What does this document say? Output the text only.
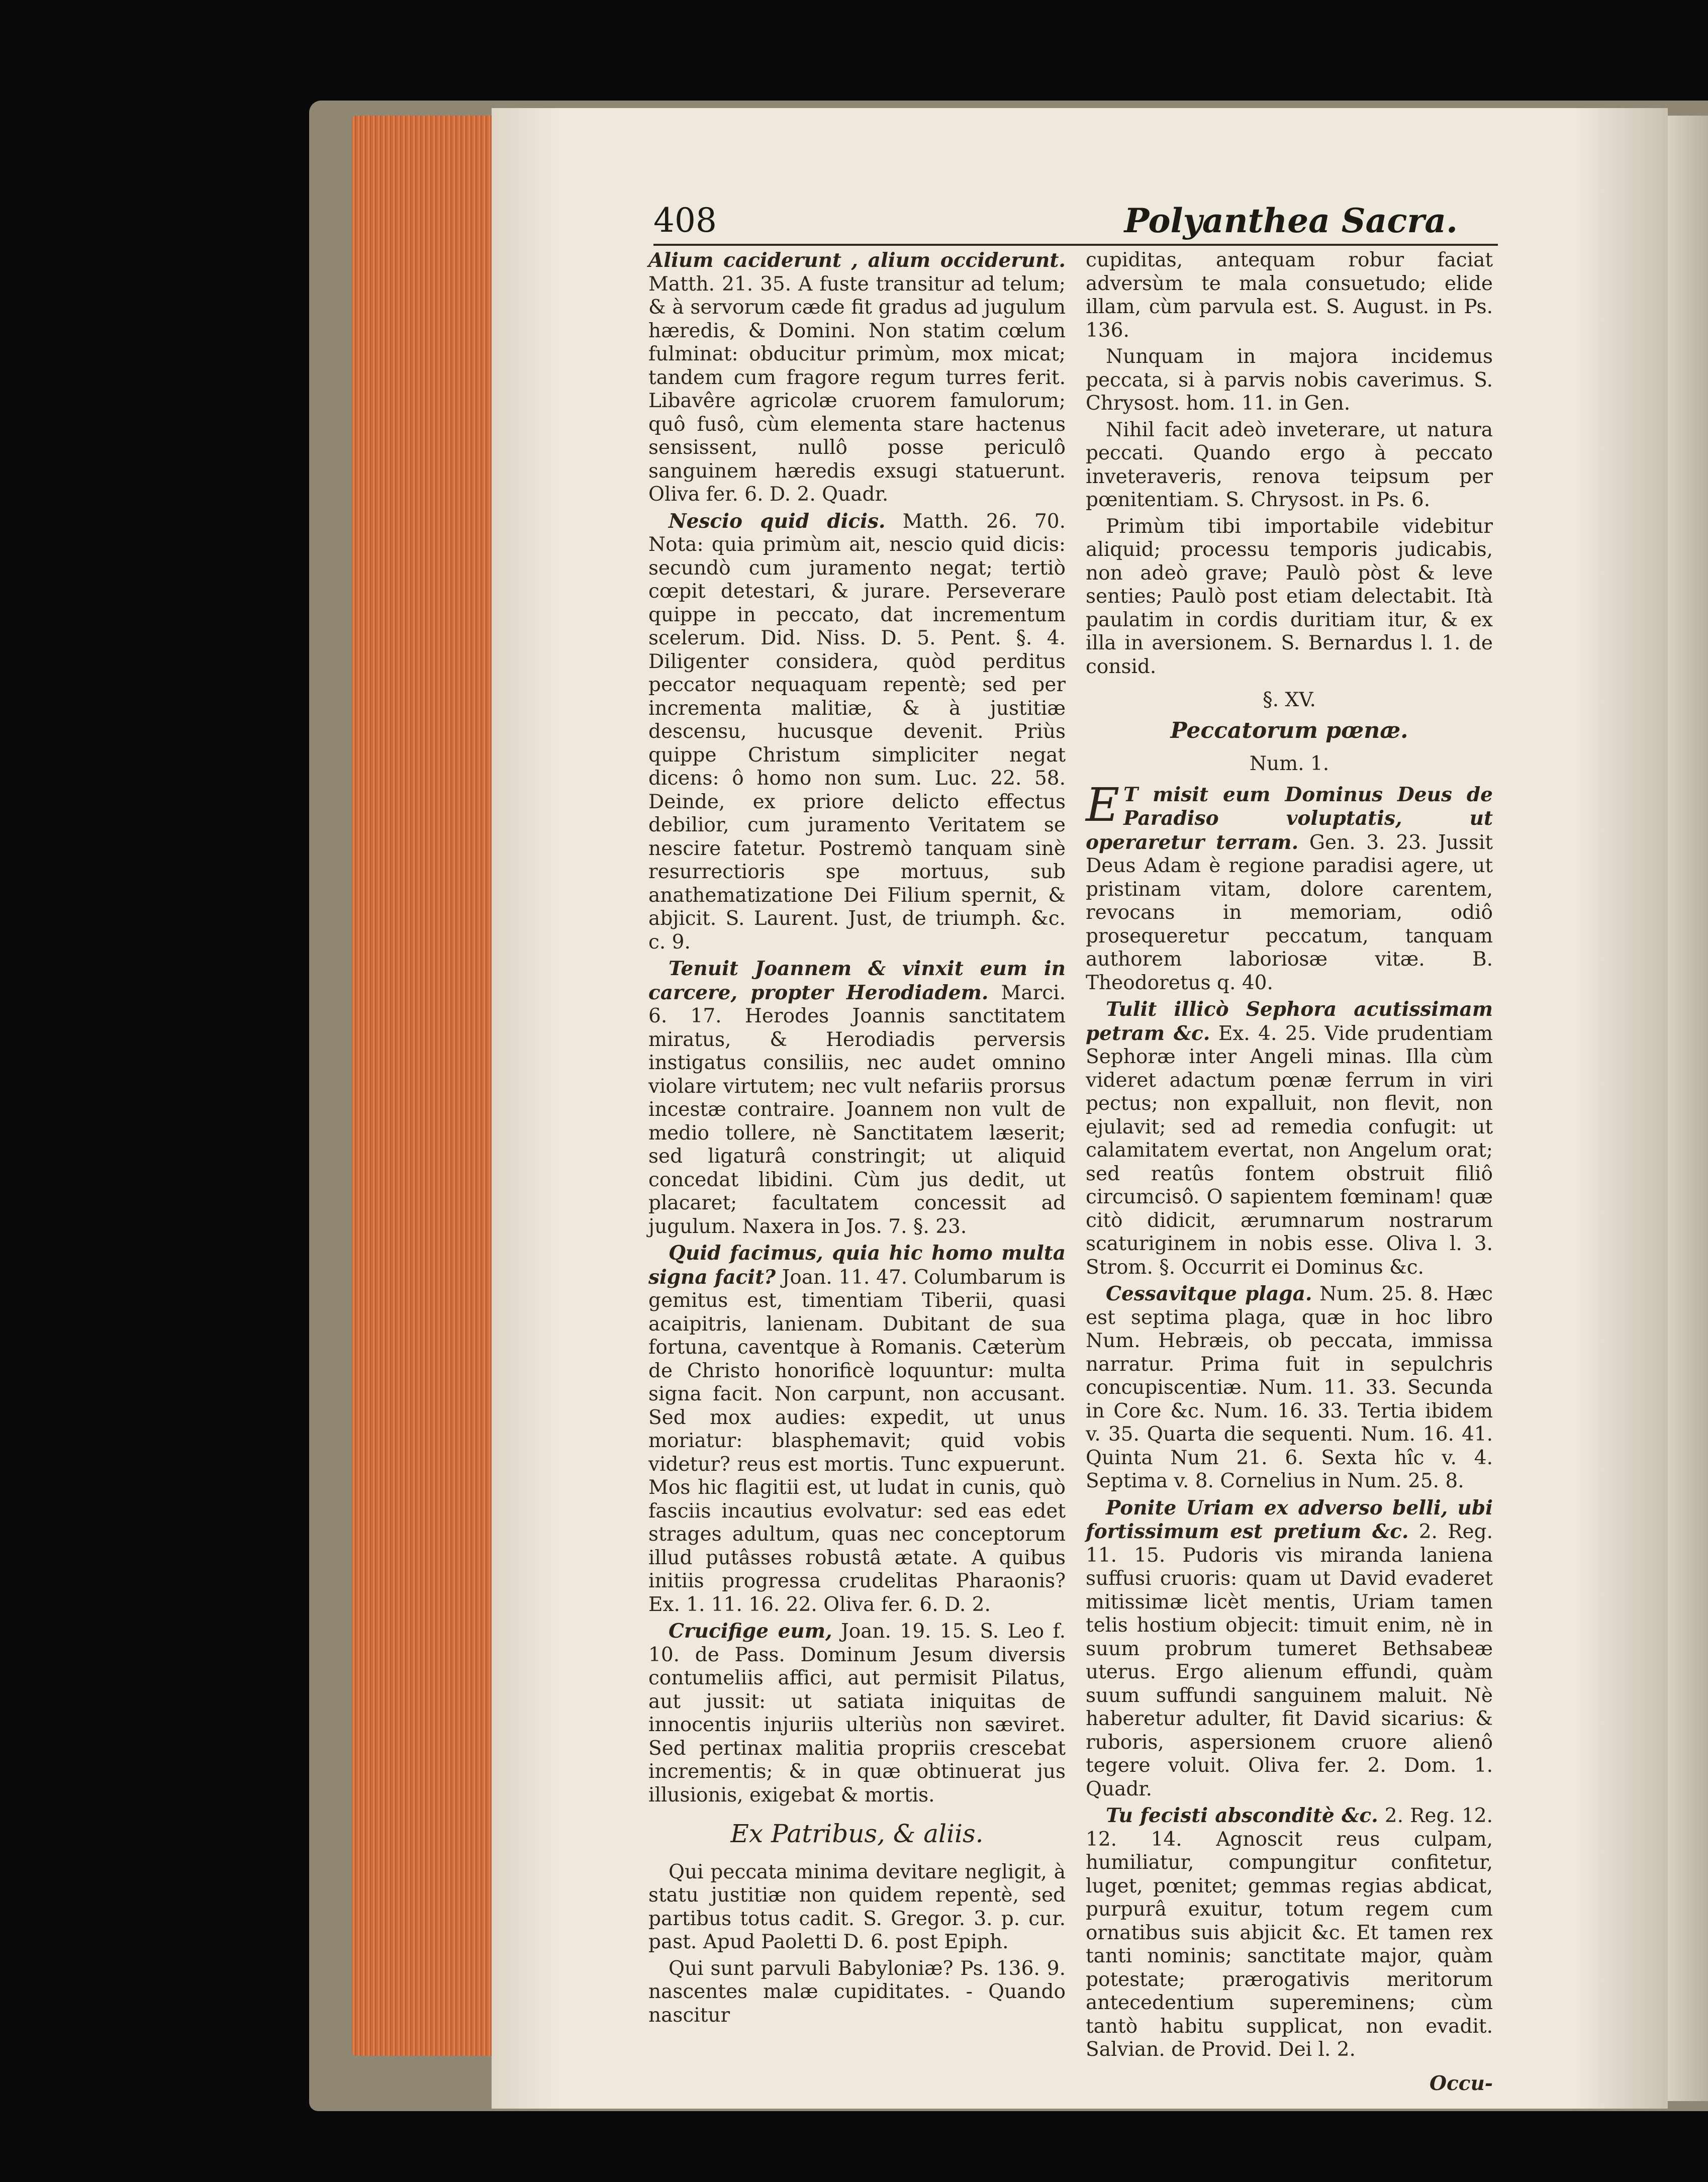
408	Polyanthea Sacra.

Alium caciderunt , alium occiderunt. Matth. 21. 35. A fuste transitur ad telum; & à servorum cæde fit gradus ad jugulum hæredis, & Domini. Non statim cœlum fulminat: obducitur primùm, mox micat; tandem cum fragore regum turres ferit. Libavêre agricolæ cruorem famulorum; quô fusô, cùm elementa stare hactenus sensissent, nullô posse periculô sanguinem hæredis exsugi statuerunt. Oliva fer. 6. D. 2. Quadr.

Nescio quid dicis. Matth. 26. 70. Nota: quia primùm ait, nescio quid dicis: secundò cum juramento negat; tertiò cœpit detestari, & jurare. Perseverare quippe in peccato, dat incrementum scelerum. Did. Niss. D. 5. Pent. §. 4. Diligenter considera, quòd perditus peccator nequaquam repentè; sed per incrementa malitiæ, & à justitiæ descensu, hucusque devenit. Priùs quippe Christum simpliciter negat dicens: ô homo non sum. Luc. 22. 58. Deinde, ex priore delicto effectus debilior, cum juramento Veritatem se nescire fatetur. Postremò tanquam sinè resurrectioris spe mortuus, sub anathematizatione Dei Filium spernit, & abjicit. S. Laurent. Just, de triumph. &c. c. 9.

Tenuit Joannem & vinxit eum in carcere, propter Herodiadem. Marci. 6. 17. Herodes Joannis sanctitatem miratus, & Herodiadis perversis instigatus consiliis, nec audet omnino violare virtutem; nec vult nefariis prorsus incestæ contraire. Joannem non vult de medio tollere, nè Sanctitatem læserit; sed ligaturâ constringit; ut aliquid concedat libidini. Cùm jus dedit, ut placaret; facultatem concessit ad jugulum. Naxera in Jos. 7. §. 23.

Quid facimus, quia hic homo multa signa facit? Joan. 11. 47. Columbarum is gemitus est, timentiam Tiberii, quasi acaipitris, lanienam. Dubitant de sua fortuna, caventque à Romanis. Cæterùm de Christo honorificè loquuntur: multa signa facit. Non carpunt, non accusant. Sed mox audies: expedit, ut unus moriatur: blasphemavit; quid vobis videtur? reus est mortis. Tunc expuerunt. Mos hic flagitii est, ut ludat in cunis, quò fasciis incautius evolvatur: sed eas edet strages adultum, quas nec conceptorum illud putâsses robustâ ætate. A quibus initiis progressa crudelitas Pharaonis? Ex. 1. 11. 16. 22. Oliva fer. 6. D. 2.

Crucifige eum, Joan. 19. 15. S. Leo f. 10. de Pass. Dominum Jesum diversis contumeliis affici, aut permisit Pilatus, aut jussit: ut satiata iniquitas de innocentis injuriis ulteriùs non sæviret. Sed pertinax malitia propriis crescebat incrementis; & in quæ obtinuerat jus illusionis, exigebat & mortis.

Ex Patribus, & aliis.

Qui peccata minima devitare negligit, à statu justitiæ non quidem repentè, sed partibus totus cadit. S. Gregor. 3. p. cur. past. Apud Paoletti D. 6. post Epiph.

Qui sunt parvuli Babyloniæ? Ps. 136. 9. nascentes malæ cupiditates. - Quando nascitur

cupiditas, antequam robur faciat adversùm te mala consuetudo; elide illam, cùm parvula est. S. August. in Ps. 136.

Nunquam in majora incidemus peccata, si à parvis nobis caverimus. S. Chrysost. hom. 11. in Gen.

Nihil facit adeò inveterare, ut natura peccati. Quando ergo à peccato inveteraveris, renova teipsum per pœnitentiam. S. Chrysost. in Ps. 6.

Primùm tibi importabile videbitur aliquid; processu temporis judicabis, non adeò grave; Paulò pòst & leve senties; Paulò post etiam delectabit. Ità paulatim in cordis duritiam itur, & ex illa in aversionem. S. Bernardus l. 1. de consid.

§. XV.
Peccatorum pœnæ.
Num. 1.

E T misit eum Dominus Deus de Paradiso voluptatis, ut operaretur terram. Gen. 3. 23. Jussit Deus Adam è regione paradisi agere, ut pristinam vitam, dolore carentem, revocans in memoriam, odiô prosequeretur peccatum, tanquam authorem laboriosæ vitæ. B. Theodoretus q. 40.

Tulit illicò Sephora acutissimam petram &c. Ex. 4. 25. Vide prudentiam Sephoræ inter Angeli minas. Illa cùm videret adactum pœnæ ferrum in viri pectus; non expalluit, non flevit, non ejulavit; sed ad remedia confugit: ut calamitatem evertat, non Angelum orat; sed reatûs fontem obstruit filiô circumcisô. O sapientem fœminam! quæ citò didicit, ærumnarum nostrarum scaturiginem in nobis esse. Oliva l. 3. Strom. §. Occurrit ei Dominus &c.

Cessavitque plaga. Num. 25. 8. Hæc est septima plaga, quæ in hoc libro Num. Hebræis, ob peccata, immissa narratur. Prima fuit in sepulchris concupiscentiæ. Num. 11. 33. Secunda in Core &c. Num. 16. 33. Tertia ibidem v. 35. Quarta die sequenti. Num. 16. 41. Quinta Num 21. 6. Sexta hîc v. 4. Septima v. 8. Cornelius in Num. 25. 8.

Ponite Uriam ex adverso belli, ubi fortissimum est pretium &c. 2. Reg. 11. 15. Pudoris vis miranda laniena suffusi cruoris: quam ut David evaderet mitissimæ licèt mentis, Uriam tamen telis hostium objecit: timuit enim, nè in suum probrum tumeret Bethsabeæ uterus. Ergo alienum effundi, quàm suum suffundi sanguinem maluit. Nè haberetur adulter, fit David sicarius: & ruboris, aspersionem cruore alienô tegere voluit. Oliva fer. 2. Dom. 1. Quadr.

Tu fecisti absconditè &c. 2. Reg. 12. 12. 14. Agnoscit reus culpam, humiliatur, compungitur confitetur, luget, pœnitet; gemmas regias abdicat, purpurâ exuitur, totum regem cum ornatibus suis abjicit &c. Et tamen rex tanti nominis; sanctitate major, quàm potestate; prærogativis meritorum antecedentium supereminens; cùm tantò habitu supplicat, non evadit. Salvian. de Provid. Dei l. 2.

Occu-
